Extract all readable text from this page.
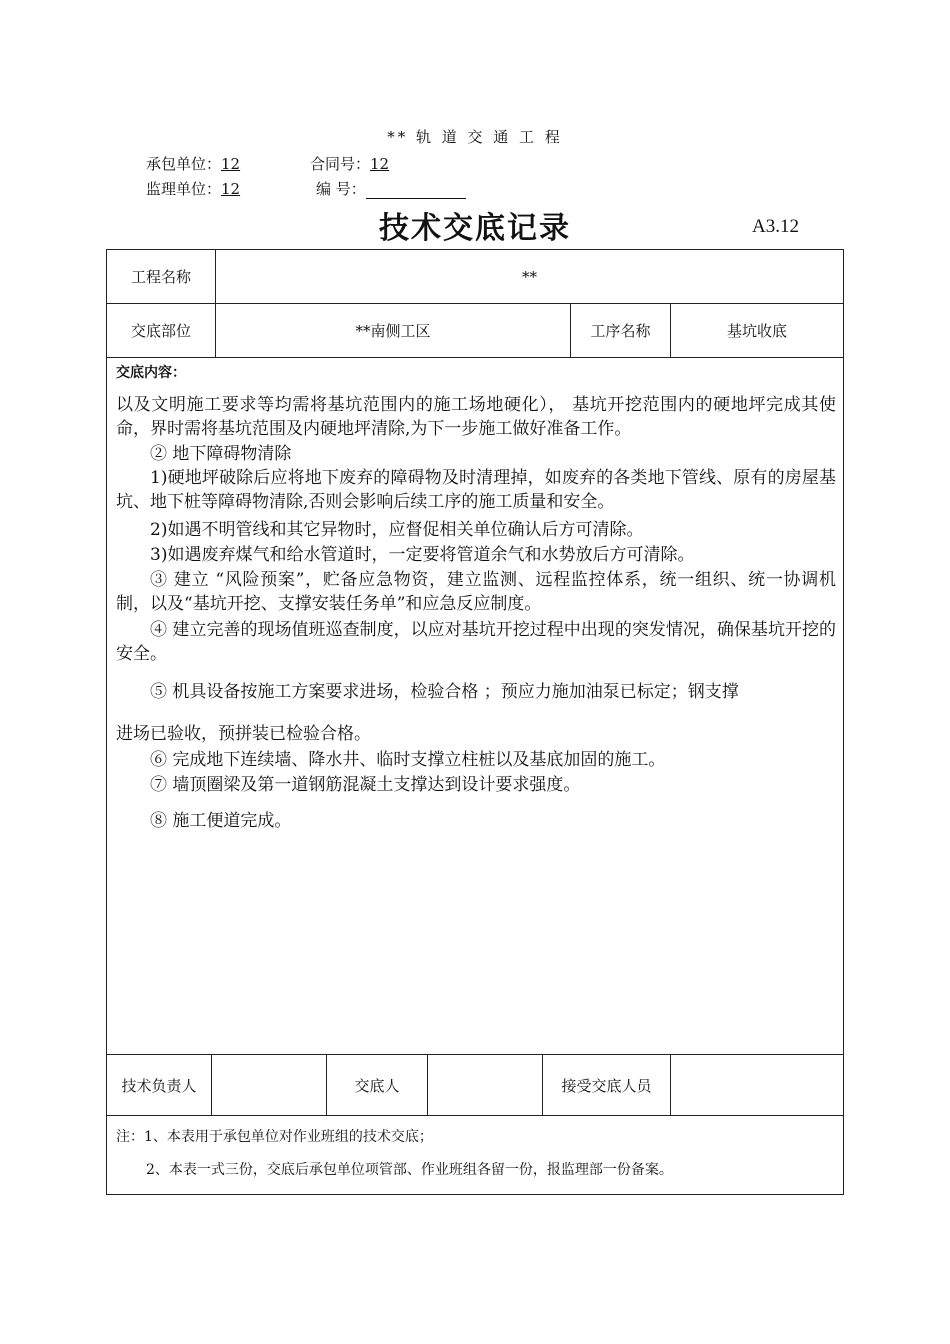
** 轨 道 交 通 工 程
承包单位：12	合同号：12
监理单位：12	编 号：
技术交底记录	A3.12
工程名称	**
交底部位	**南侧工区	工序名称	基坑收底
交底内容：
以及文明施工要求等均需将基坑范围内的施工场地硬化）， 基坑开挖范围内的硬地坪完成其使命，界时需将基坑范围及内硬地坪清除,为下一步施工做好准备工作。
② 地下障碍物清除
1)硬地坪破除后应将地下废弃的障碍物及时清理掉，如废弃的各类地下管线、原有的房屋基坑、地下桩等障碍物清除,否则会影响后续工序的施工质量和安全。
2)如遇不明管线和其它异物时，应督促相关单位确认后方可清除。
3)如遇废弃煤气和给水管道时，一定要将管道余气和水势放后方可清除。
③ 建立 “风险预案”，贮备应急物资，建立监测、远程监控体系，统一组织、统一协调机制，以及“基坑开挖、支撑安装任务单”和应急反应制度。
④ 建立完善的现场值班巡查制度，以应对基坑开挖过程中出现的突发情况，确保基坑开挖的安全。
⑤ 机具设备按施工方案要求进场，检验合格 ；预应力施加油泵已标定；钢支撑
进场已验收，预拼装已检验合格。
⑥ 完成地下连续墙、降水井、临时支撑立柱桩以及基底加固的施工。
⑦ 墙顶圈梁及第一道钢筋混凝土支撑达到设计要求强度。
⑧ 施工便道完成。
技术负责人	交底人	接受交底人员
注：1、本表用于承包单位对作业班组的技术交底；
2、本表一式三份，交底后承包单位项管部、作业班组各留一份，报监理部一份备案。
